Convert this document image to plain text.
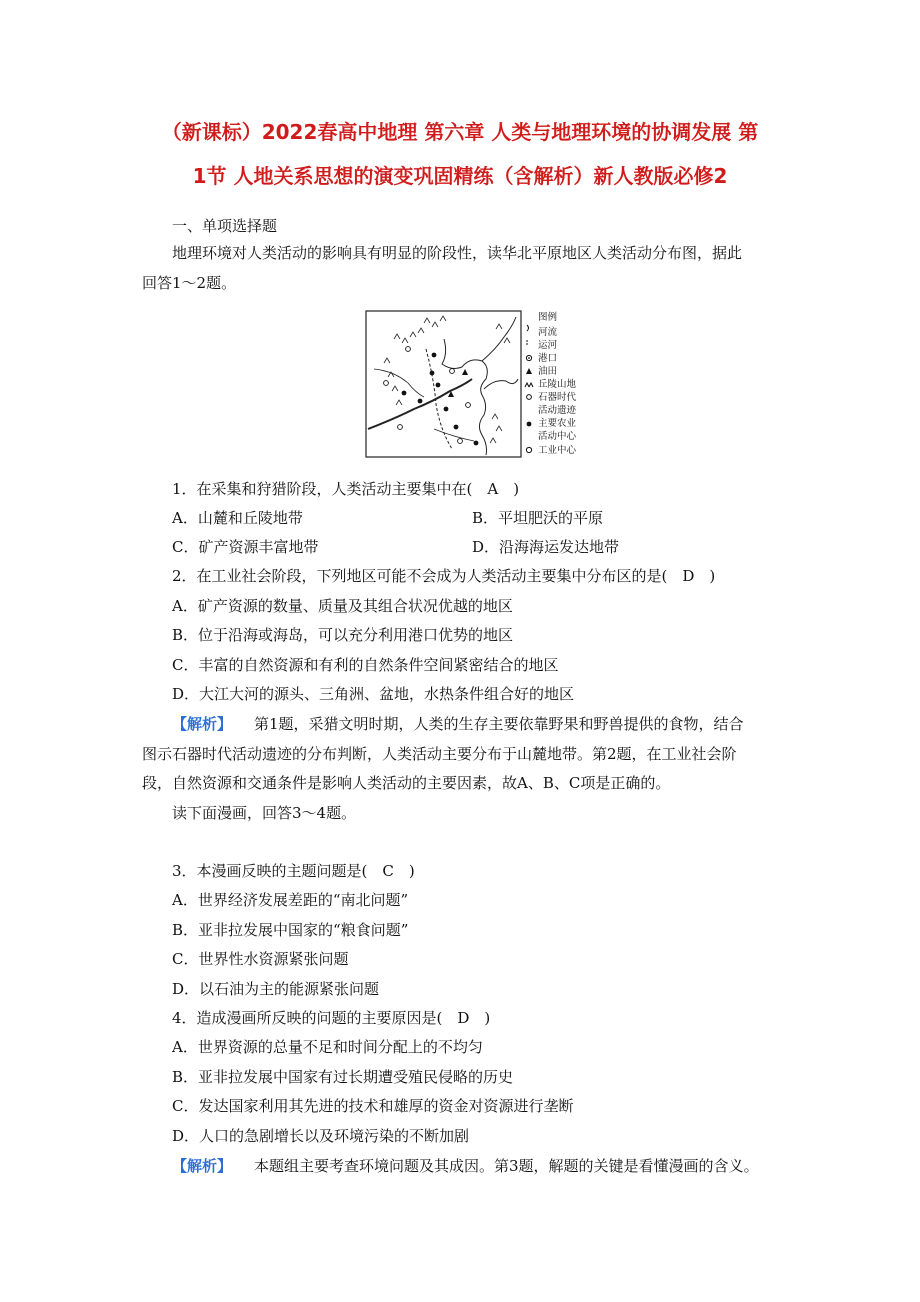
（新课标）2022春高中地理 第六章 人类与地理环境的协调发展 第
1节 人地关系思想的演变巩固精练（含解析）新人教版必修2
一、单项选择题
地理环境对人类活动的影响具有明显的阶段性，读华北平原地区人类活动分布图，据此
回答1～2题。
图例
河流
运河
港口
油田
丘陵山地
石器时代
活动遗迹
主要农业
活动中心
工业中心
1．在采集和狩猎阶段，人类活动主要集中在(　A　)
A．山麓和丘陵地带	B．平坦肥沃的平原
C．矿产资源丰富地带	D．沿海海运发达地带
2．在工业社会阶段，下列地区可能不会成为人类活动主要集中分布区的是(　D　)
A．矿产资源的数量、质量及其组合状况优越的地区
B．位于沿海或海岛，可以充分利用港口优势的地区
C．丰富的自然资源和有利的自然条件空间紧密结合的地区
D．大江大河的源头、三角洲、盆地，水热条件组合好的地区
【解析】 第1题，采猎文明时期，人类的生存主要依靠野果和野兽提供的食物，结合
图示石器时代活动遗迹的分布判断，人类活动主要分布于山麓地带。第2题，在工业社会阶
段，自然资源和交通条件是影响人类活动的主要因素，故A、B、C项是正确的。
读下面漫画，回答3～4题。
3．本漫画反映的主题问题是(　C　)
A．世界经济发展差距的“南北问题”
B．亚非拉发展中国家的“粮食问题”
C．世界性水资源紧张问题
D．以石油为主的能源紧张问题
4．造成漫画所反映的问题的主要原因是(　D　)
A．世界资源的总量不足和时间分配上的不均匀
B．亚非拉发展中国家有过长期遭受殖民侵略的历史
C．发达国家利用其先进的技术和雄厚的资金对资源进行垄断
D．人口的急剧增长以及环境污染的不断加剧
【解析】 本题组主要考查环境问题及其成因。第3题，解题的关键是看懂漫画的含义。
